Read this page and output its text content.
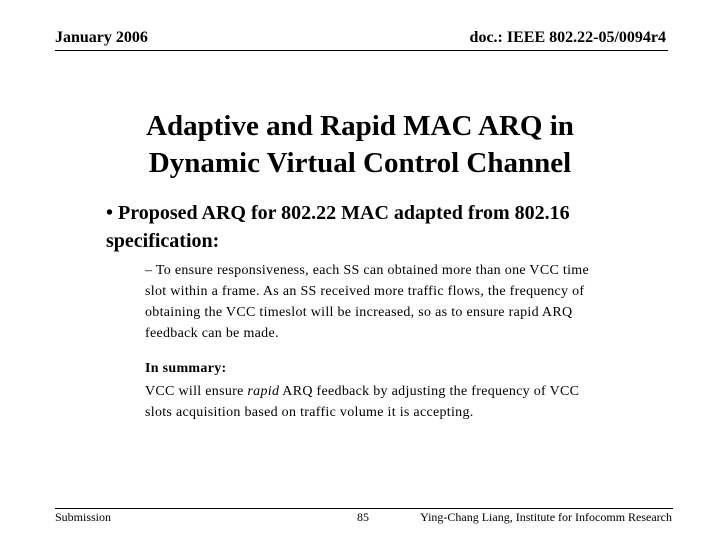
January 2006	doc.: IEEE 802.22-05/0094r4
Adaptive and Rapid MAC ARQ in
Dynamic Virtual Control Channel
• Proposed ARQ for 802.22 MAC adapted from 802.16 specification:
– To ensure responsiveness, each SS can obtained more than one VCC time slot within a frame. As an SS received more traffic flows, the frequency of obtaining the VCC timeslot will be increased, so as to ensure rapid ARQ feedback can be made.
In summary:
VCC will ensure rapid ARQ feedback by adjusting the frequency of VCC slots acquisition based on traffic volume it is accepting.
Submission	85	Ying-Chang Liang, Institute for Infocomm Research
